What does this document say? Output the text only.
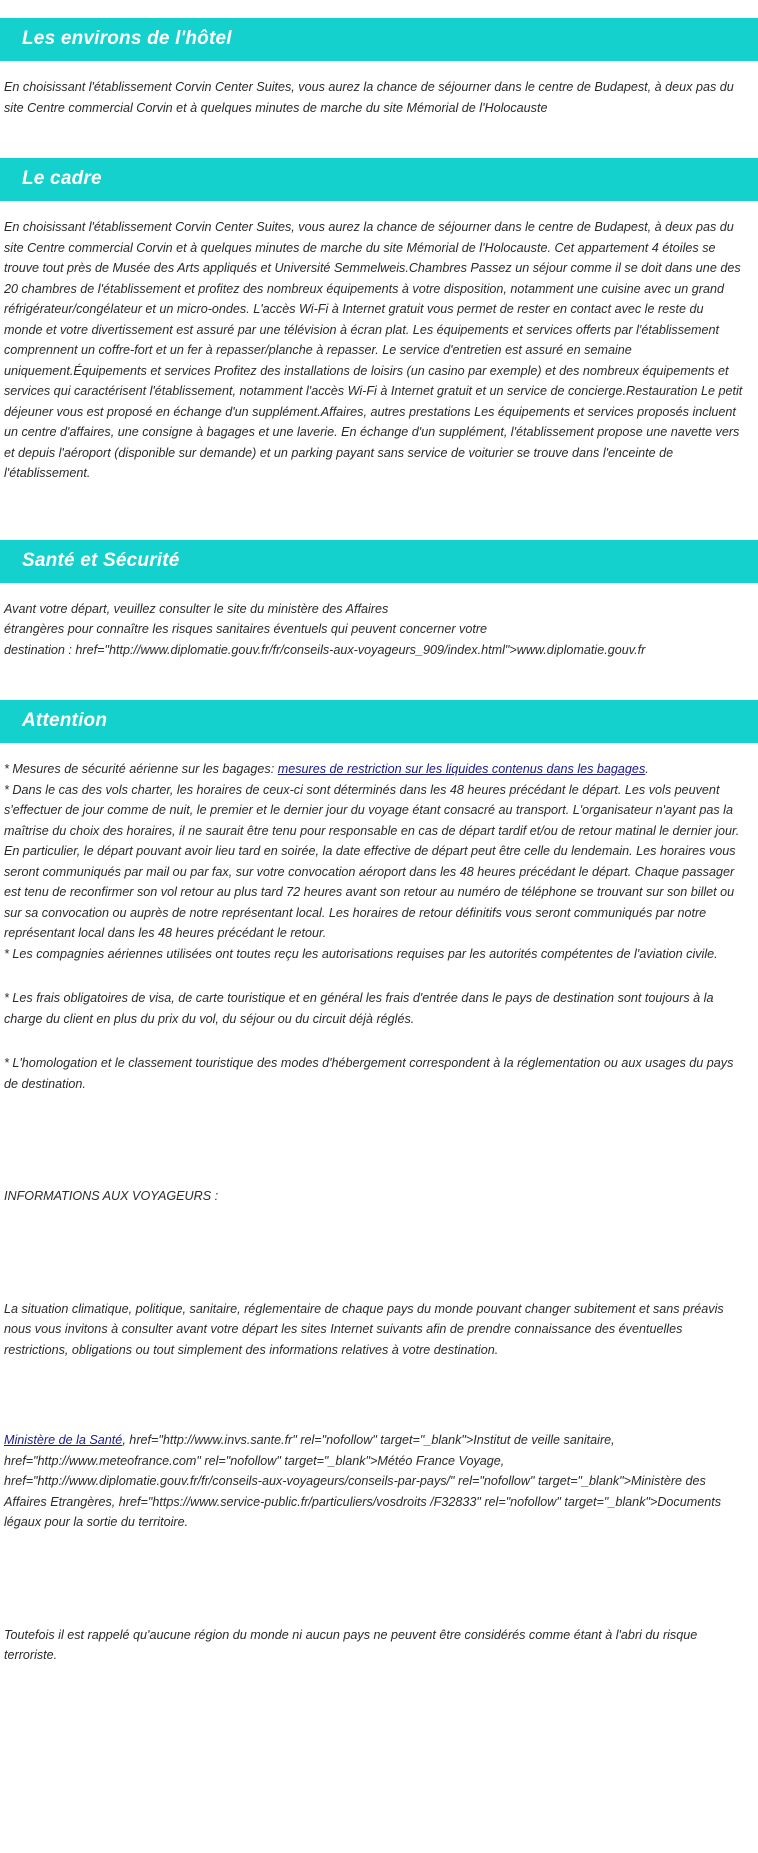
Les environs de l'hôtel

En choisissant l'établissement Corvin Center Suites, vous aurez la chance de séjourner dans le centre de Budapest, à deux pas du site Centre commercial Corvin et à quelques minutes de marche du site Mémorial de l'Holocauste

Le cadre

En choisissant l'établissement Corvin Center Suites, vous aurez la chance de séjourner dans le centre de Budapest, à deux pas du site Centre commercial Corvin et à quelques minutes de marche du site Mémorial de l'Holocauste. Cet appartement 4 étoiles se trouve tout près de Musée des Arts appliqués et Université Semmelweis.Chambres Passez un séjour comme il se doit dans une des 20 chambres de l'établissement et profitez des nombreux équipements à votre disposition, notamment une cuisine avec un grand réfrigérateur/congélateur et un micro-ondes. L'accès Wi-Fi à Internet gratuit vous permet de rester en contact avec le reste du monde et votre divertissement est assuré par une télévision à écran plat. Les équipements et services offerts par l'établissement comprennent un coffre-fort et un fer à repasser/planche à repasser. Le service d'entretien est assuré en semaine uniquement.Équipements et services Profitez des installations de loisirs (un casino par exemple) et des nombreux équipements et services qui caractérisent l'établissement, notamment l'accès Wi-Fi à Internet gratuit et un service de concierge.Restauration Le petit déjeuner vous est proposé en échange d'un supplément.Affaires, autres prestations Les équipements et services proposés incluent un centre d'affaires, une consigne à bagages et une laverie. En échange d'un supplément, l'établissement propose une navette vers et depuis l'aéroport (disponible sur demande) et un parking payant sans service de voiturier se trouve dans l'enceinte de l'établissement.

Santé et Sécurité

Avant votre départ, veuillez consulter le site du ministère des Affaires

étrangères pour connaître les risques sanitaires éventuels qui peuvent concerner votre

destination : href="http://www.diplomatie.gouv.fr/fr/conseils-aux-voyageurs_909/index.html">www.diplomatie.gouv.fr

Attention

* Mesures de sécurité aérienne sur les bagages: mesures de restriction sur les liquides contenus dans les bagages.

* Dans le cas des vols charter, les horaires de ceux-ci sont déterminés dans les 48 heures précédant le départ. Les vols peuvent s'effectuer de jour comme de nuit, le premier et le dernier jour du voyage étant consacré au transport. L'organisateur n'ayant pas la maîtrise du choix des horaires, il ne saurait être tenu pour responsable en cas de départ tardif et/ou de retour matinal le dernier jour. En particulier, le départ pouvant avoir lieu tard en soirée, la date effective de départ peut être celle du lendemain. Les horaires vous seront communiqués par mail ou par fax, sur votre convocation aéroport dans les 48 heures précédant le départ. Chaque passager est tenu de reconfirmer son vol retour au plus tard 72 heures avant son retour au numéro de téléphone se trouvant sur son billet ou sur sa convocation ou auprès de notre représentant local. Les horaires de retour définitifs vous seront communiqués par notre représentant local dans les 48 heures précédant le retour.

* Les compagnies aériennes utilisées ont toutes reçu les autorisations requises par les autorités compétentes de l'aviation civile.

* Les frais obligatoires de visa, de carte touristique et en général les frais d'entrée dans le pays de destination sont toujours à la charge du client en plus du prix du vol, du séjour ou du circuit déjà réglés.

* L'homologation et le classement touristique des modes d'hébergement correspondent à la réglementation ou aux usages du pays de destination.

INFORMATIONS AUX VOYAGEURS :

La situation climatique, politique, sanitaire, réglementaire de chaque pays du monde pouvant changer subitement et sans préavis

nous vous invitons à consulter avant votre départ les sites Internet suivants afin de prendre connaissance des éventuelles restrictions, obligations ou tout simplement des informations relatives à votre destination.

Ministère de la Santé, href="http://www.invs.sante.fr" rel="nofollow" target="_blank">Institut de veille sanitaire, href="http://www.meteofrance.com" rel="nofollow" target="_blank">Météo France Voyage, href="http://www.diplomatie.gouv.fr/fr/conseils-aux-voyageurs/conseils-par-pays/" rel="nofollow" target="_blank">Ministère des Affaires Etrangères, href="https://www.service-public.fr/particuliers/vosdroits /F32833" rel="nofollow" target="_blank">Documents légaux pour la sortie du territoire.

Toutefois il est rappelé qu'aucune région du monde ni aucun pays ne peuvent être considérés comme étant à l'abri du risque terroriste.
